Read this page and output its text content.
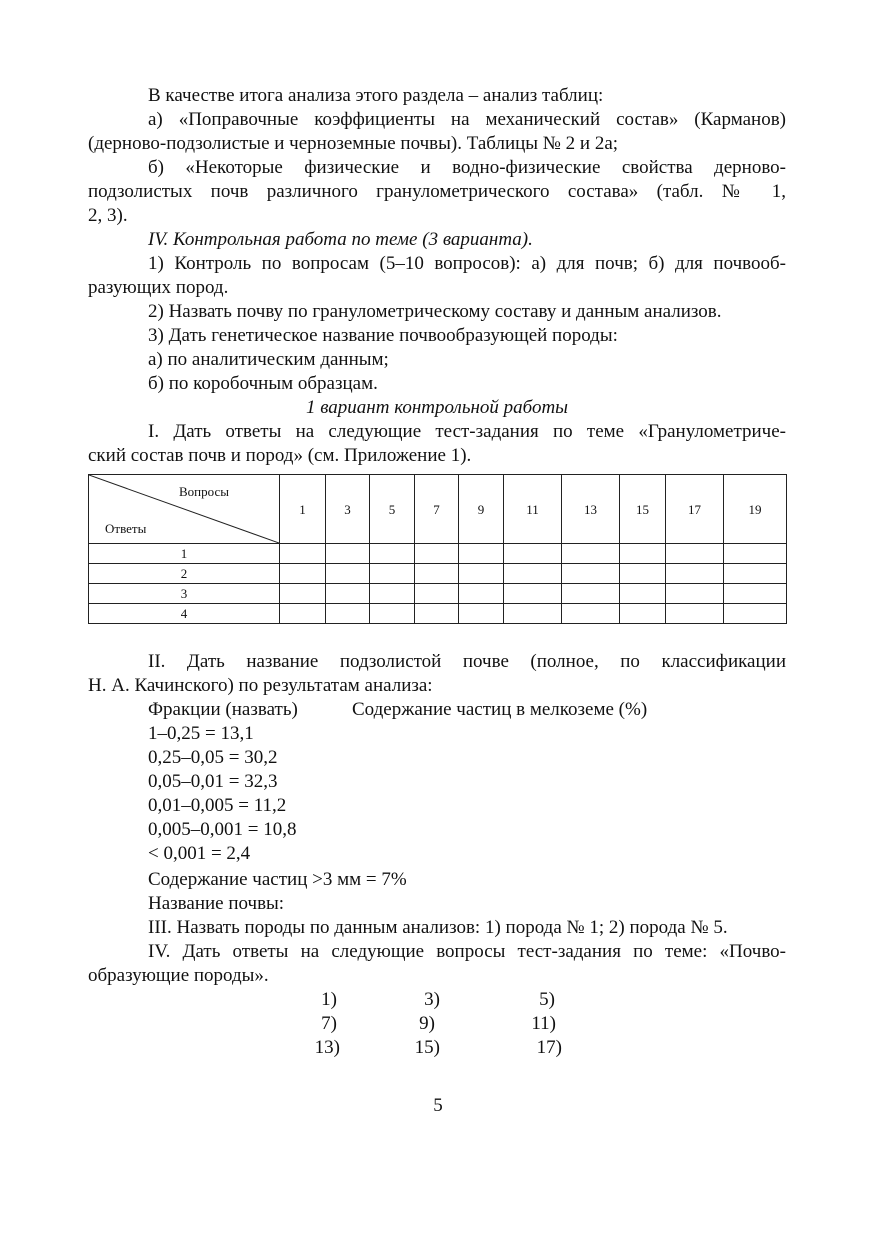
В качестве итога анализа этого раздела – анализ таблиц:
а) «Поправочные коэффициенты на механический состав» (Карманов)
(дерново-подзолистые и черноземные почвы). Таблицы № 2 и 2а;
б) «Некоторые физические и водно-физические свойства дерново-
подзолистых почв различного гранулометрического состава» (табл. № 1,
2, 3).
IV. Контрольная работа по теме (3 варианта).
1) Контроль по вопросам (5–10 вопросов): а) для почв; б) для почвооб-
разующих пород.
2) Назвать почву по гранулометрическому составу и данным анализов.
3) Дать генетическое название почвообразующей породы:
а) по аналитическим данным;
б) по коробочным образцам.
1 вариант контрольной работы
I. Дать ответы на следующие тест-задания по теме «Гранулометриче-
ский состав почв и пород» (см. Приложение 1).
Вопросы
Ответы	1	3	5	7	9	11	13	15	17	19
1										
2										
3										
4										
II. Дать название подзолистой почве (полное, по классификации
Н. А. Качинского) по результатам анализа:
Фракции (назвать)	Содержание частиц в мелкоземе (%)
1–0,25 = 13,1
0,25–0,05 = 30,2
0,05–0,01 = 32,3
0,01–0,005 = 11,2
0,005–0,001 = 10,8
< 0,001 = 2,4
Содержание частиц >3 мм = 7%
Название почвы:
III. Назвать породы по данным анализов: 1) порода № 1; 2) порода № 5.
IV. Дать ответы на следующие вопросы тест-задания по теме: «Почво-
образующие породы».
1)	3)	5)
7)	9)	11)
13)	15)	17)
5
